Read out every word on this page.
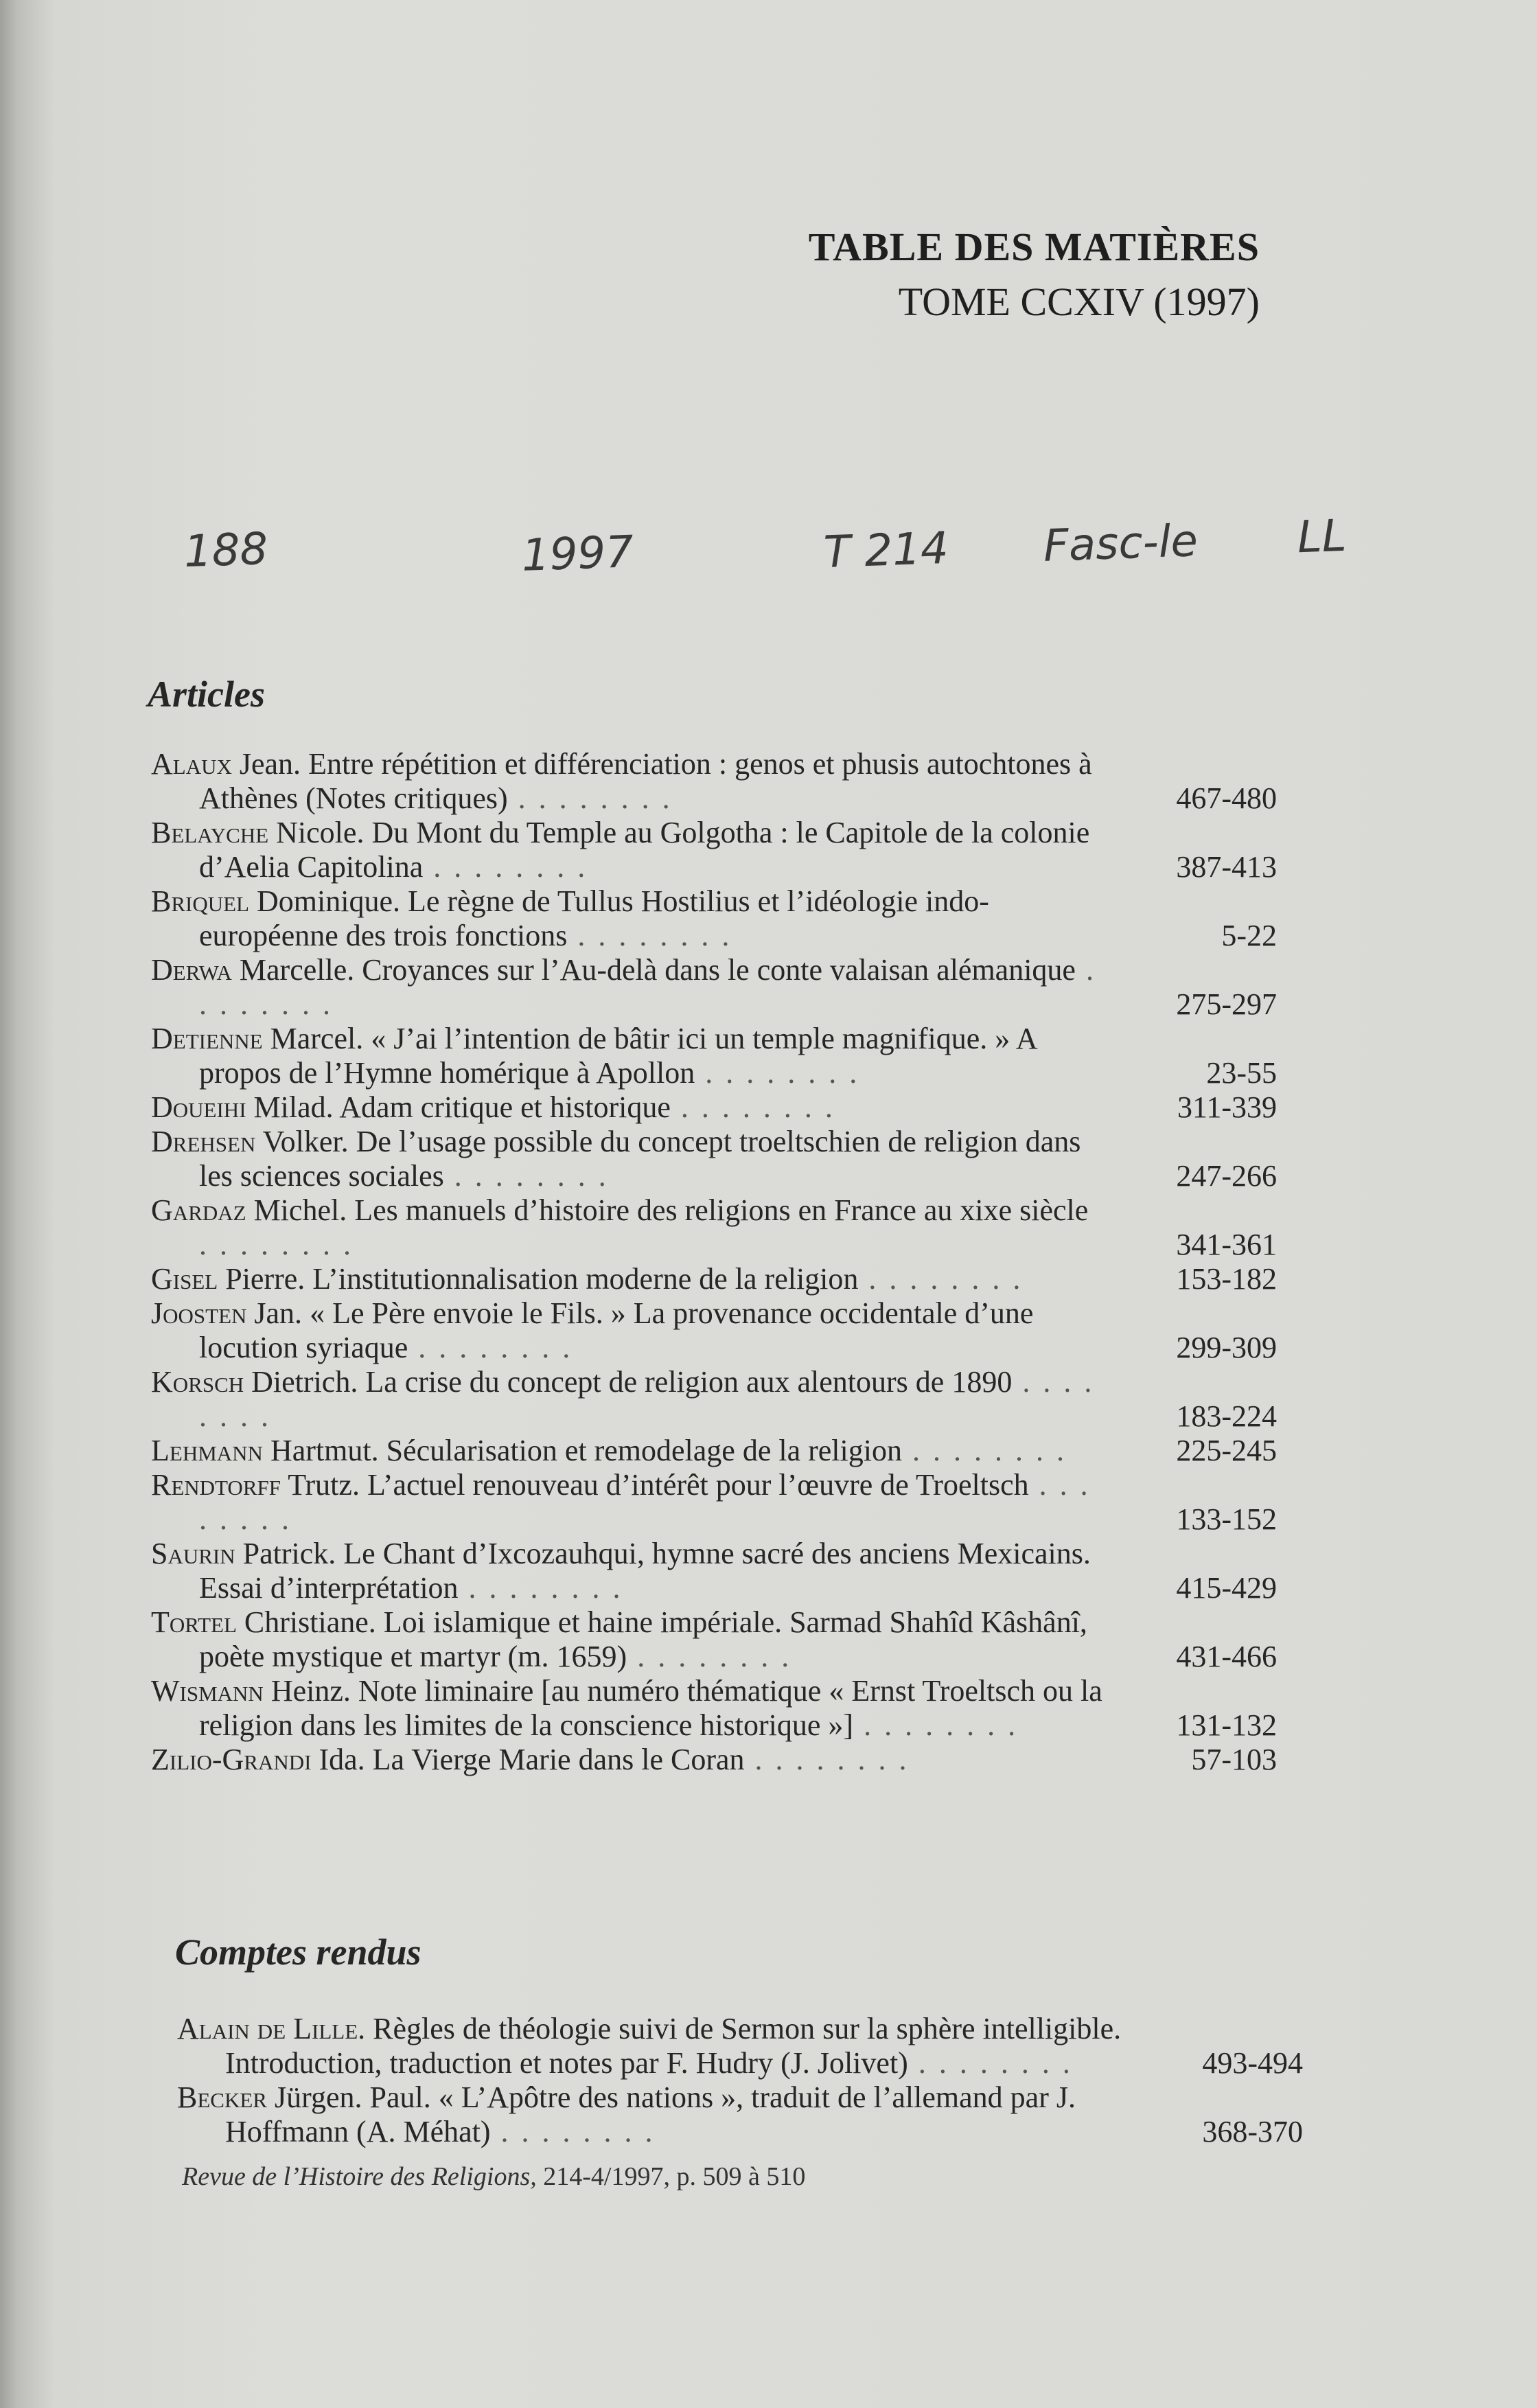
TABLE DES MATIÈRES
TOME CCXIV (1997)
188	1997	T 214 Fasc-le LL
Articles
Alaux Jean. Entre répétition et différenciation : genos et phusis autochtones à Athènes (Notes critiques) . . . . . . . .	467-480
Belayche Nicole. Du Mont du Temple au Golgotha : le Capitole de la colonie d’Aelia Capitolina . . . . . . . .	387-413
Briquel Dominique. Le règne de Tullus Hostilius et l’idéologie indo-européenne des trois fonctions . . . . . . . .	5-22
Derwa Marcelle. Croyances sur l’Au-delà dans le conte valaisan alémanique . . . . . . . .	275-297
Detienne Marcel. « J’ai l’intention de bâtir ici un temple magnifique. » A propos de l’Hymne homérique à Apollon . . . . . . . .	23-55
Doueihi Milad. Adam critique et historique . . . . . . . .	311-339
Drehsen Volker. De l’usage possible du concept troeltschien de religion dans les sciences sociales . . . . . . . .	247-266
Gardaz Michel. Les manuels d’histoire des religions en France au xixe siècle . . . . . . . .	341-361
Gisel Pierre. L’institutionnalisation moderne de la religion . . . . . . . .	153-182
Joosten Jan. « Le Père envoie le Fils. » La provenance occidentale d’une locution syriaque . . . . . . . .	299-309
Korsch Dietrich. La crise du concept de religion aux alentours de 1890 . . . . . . . .	183-224
Lehmann Hartmut. Sécularisation et remodelage de la religion . . . . . . . .	225-245
Rendtorff Trutz. L’actuel renouveau d’intérêt pour l’œuvre de Troeltsch . . . . . . . .	133-152
Saurin Patrick. Le Chant d’Ixcozauhqui, hymne sacré des anciens Mexicains. Essai d’interprétation . . . . . . . .	415-429
Tortel Christiane. Loi islamique et haine impériale. Sarmad Shahîd Kâshânî, poète mystique et martyr (m. 1659) . . . . . . . .	431-466
Wismann Heinz. Note liminaire [au numéro thématique « Ernst Troeltsch ou la religion dans les limites de la conscience historique »] . . . . . . . .	131-132
Zilio-Grandi Ida. La Vierge Marie dans le Coran . . . . . . . .	57-103
Comptes rendus
Alain de Lille. Règles de théologie suivi de Sermon sur la sphère intelligible. Introduction, traduction et notes par F. Hudry (J. Jolivet) . . . . . . . .	493-494
Becker Jürgen. Paul. « L’Apôtre des nations », traduit de l’allemand par J. Hoffmann (A. Méhat) . . . . . . . .	368-370
Revue de l’Histoire des Religions, 214-4/1997, p. 509 à 510
